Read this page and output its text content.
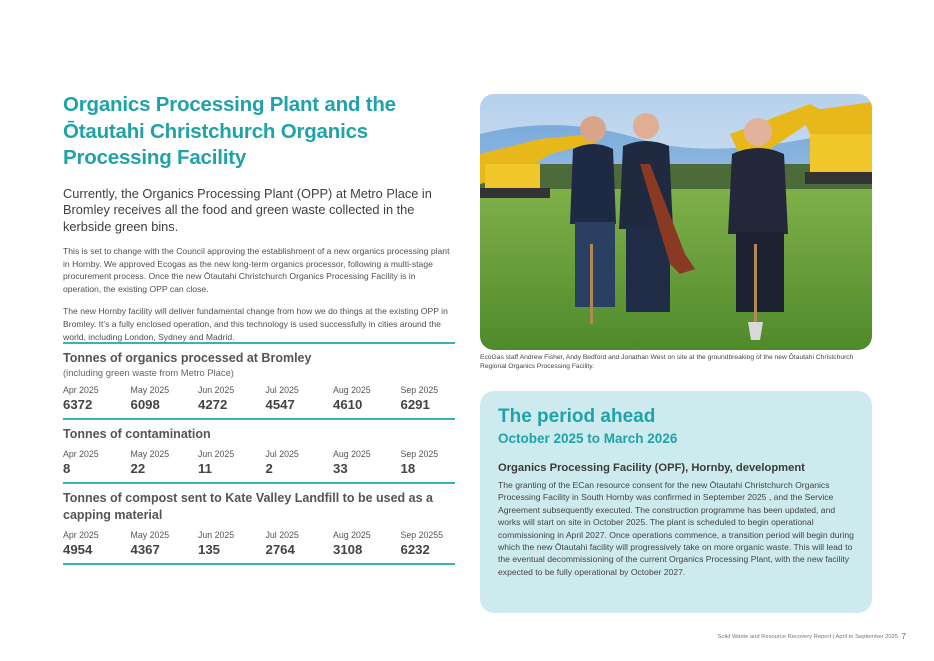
Organics Processing Plant and the
Ōtautahi Christchurch Organics
Processing Facility

Currently, the Organics Processing Plant (OPP) at Metro Place in Bromley receives all the food and green waste collected in the kerbside green bins.

This is set to change with the Council approving the establishment of a new organics processing plant in Hornby. We approved Ecogas as the new long-term organics processor, following a multi-stage procurement process. Once the new Ōtautahi Christchurch Organics Processing Facility is in operation, the existing OPP can close.

The new Hornby facility will deliver fundamental change from how we do things at the existing OPP in Bromley. It's a fully enclosed operation, and this technology is used successfully in cities around the world, including London, Sydney and Madrid.

Tonnes of organics processed at Bromley
(including green waste from Metro Place)
Apr 2025
6372
May 2025
6098
Jun 2025
4272
Jul 2025
4547
Aug 2025
4610
Sep 2025
6291
Tonnes of contamination
Apr 2025
8
May 2025
22
Jun 2025
11
Jul 2025
2
Aug 2025
33
Sep 2025
18
Tonnes of compost sent to Kate Valley Landfill to be used as a capping material
Apr 2025
4954
May 2025
4367
Jun 2025
135
Jul 2025
2764
Aug 2025
3108
Sep 20255
6232

EcoGas staff Andrew Fisher, Andy Bedford and Jonathan West on site at the groundbreaking of the new Ōtautahi Christchurch Regional Organics Processing Facility.

The period ahead
October 2025 to March 2026
Organics Processing Facility (OPF), Hornby, development

The granting of the ECan resource consent for the new Ōtautahi Christchurch Organics Processing Facility in South Hornby was confirmed in September 2025 , and the Service Agreement subsequently executed. The construction programme has been updated, and works will start on site in October 2025. The plant is scheduled to begin operational commissioning in April 2027. Once operations commence, a transition period will begin during which the new Ōtautahi facility will progressively take on more organic waste. This will lead to the eventual decommissioning of the current Organics Processing Plant, with the new facility expected to be fully operational by October 2027.

Solid Waste and Resource Recovery Report | April to September 2025 7
